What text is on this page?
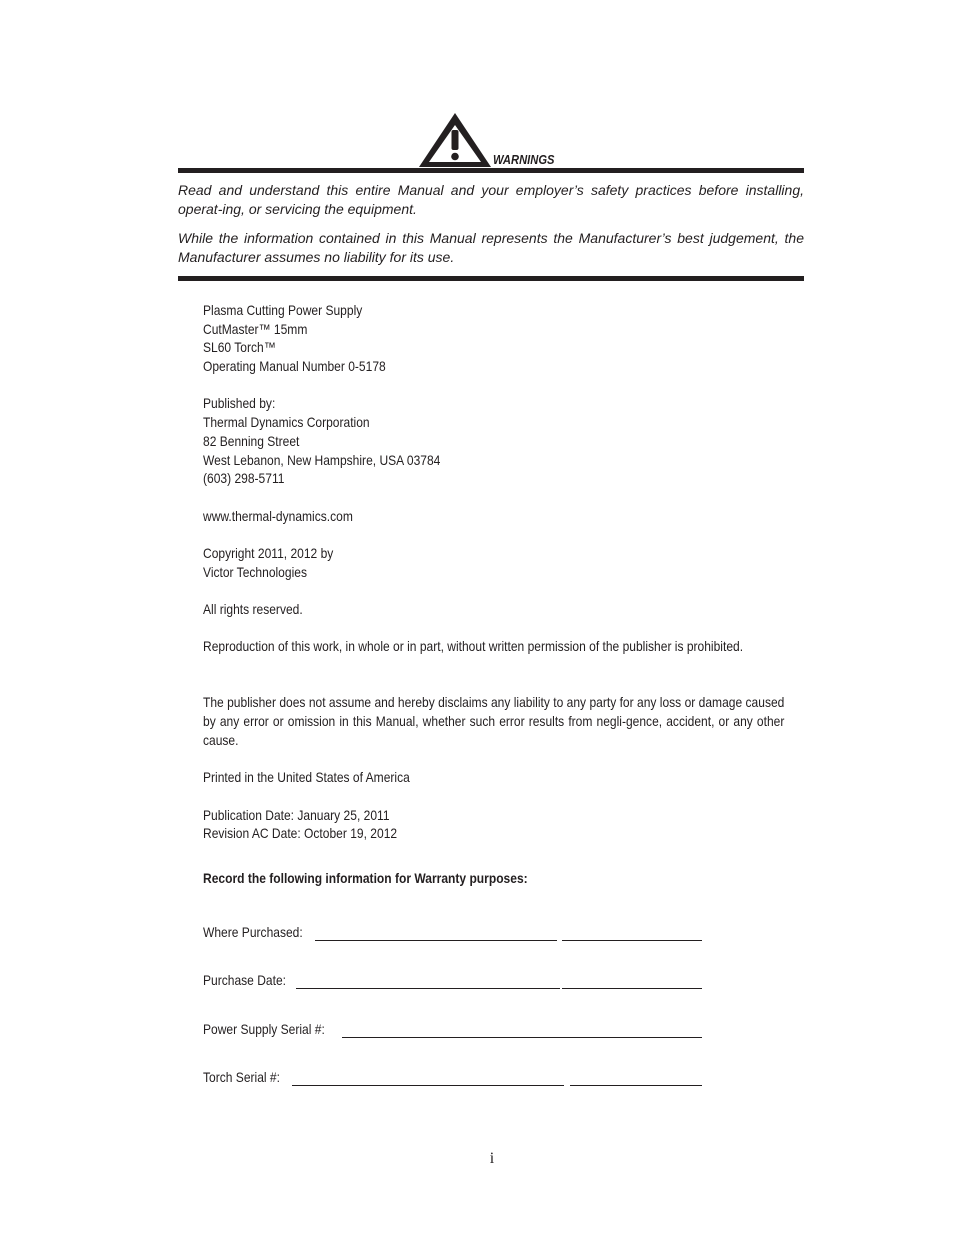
WARNINGS
Read and understand this entire Manual and your employer’s safety practices before installing, operat-ing, or servicing the equipment.
While the information contained in this Manual represents the Manufacturer’s best judgement, the Manufacturer assumes no liability for its use.
Plasma Cutting Power Supply
CutMaster™ 15mm
SL60 Torch™
Operating Manual Number 0-5178
Published by:
Thermal Dynamics Corporation
82 Benning Street
West Lebanon, New Hampshire, USA 03784
(603) 298-5711
www.thermal-dynamics.com
Copyright 2011, 2012 by
Victor Technologies
All rights reserved.
Reproduction of this work, in whole or in part, without written permission of the publisher is prohibited.
The publisher does not assume and hereby disclaims any liability to any party for any loss or damage caused by any error or omission in this Manual, whether such error results from negli-gence, accident, or any other cause.
Printed in the United States of America
Publication Date: January 25, 2011
Revision AC Date: October 19, 2012
Record the following information for Warranty purposes:
Where Purchased:
Purchase Date:
Power Supply Serial #:
Torch Serial #:
i
